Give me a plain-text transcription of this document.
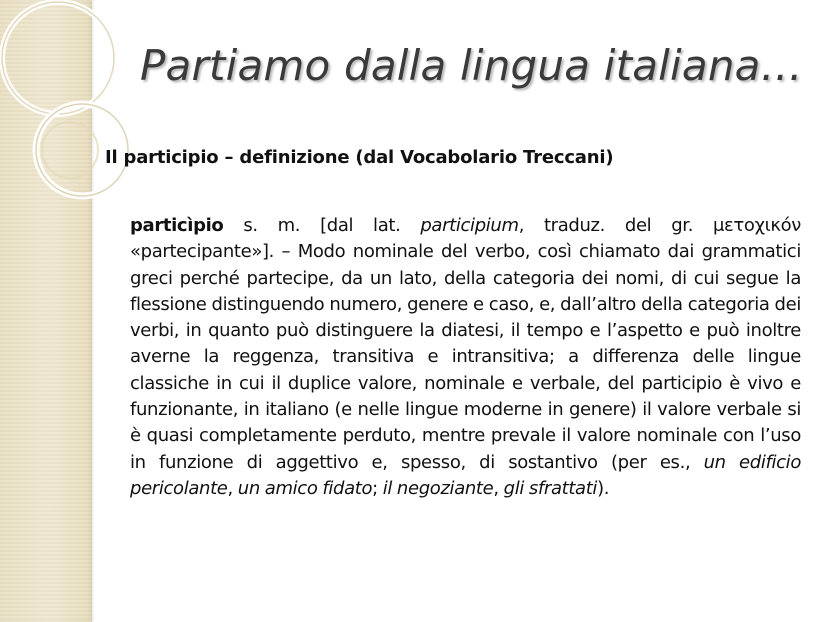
Partiamo dalla lingua italiana…
Il participio – definizione (dal Vocabolario Treccani)

particìpio s. m. [dal lat. participium, traduz. del gr. μετοχικόν «partecipante»]. – Modo nominale del verbo, così chiamato dai grammatici greci perché partecipe, da un lato, della categoria dei nomi, di cui segue la flessione distinguendo numero, genere e caso, e, dall’altro della categoria dei verbi, in quanto può distinguere la diatesi, il tempo e l’aspetto e può inoltre averne la reggenza, transitiva e intransitiva; a differenza delle lingue classiche in cui il duplice valore, nominale e verbale, del participio è vivo e funzionante, in italiano (e nelle lingue moderne in genere) il valore verbale si è quasi completamente perduto, mentre prevale il valore nominale con l’uso in funzione di aggettivo e, spesso, di sostantivo (per es., un edificio pericolante, un amico fidato; il negoziante, gli sfrattati).
